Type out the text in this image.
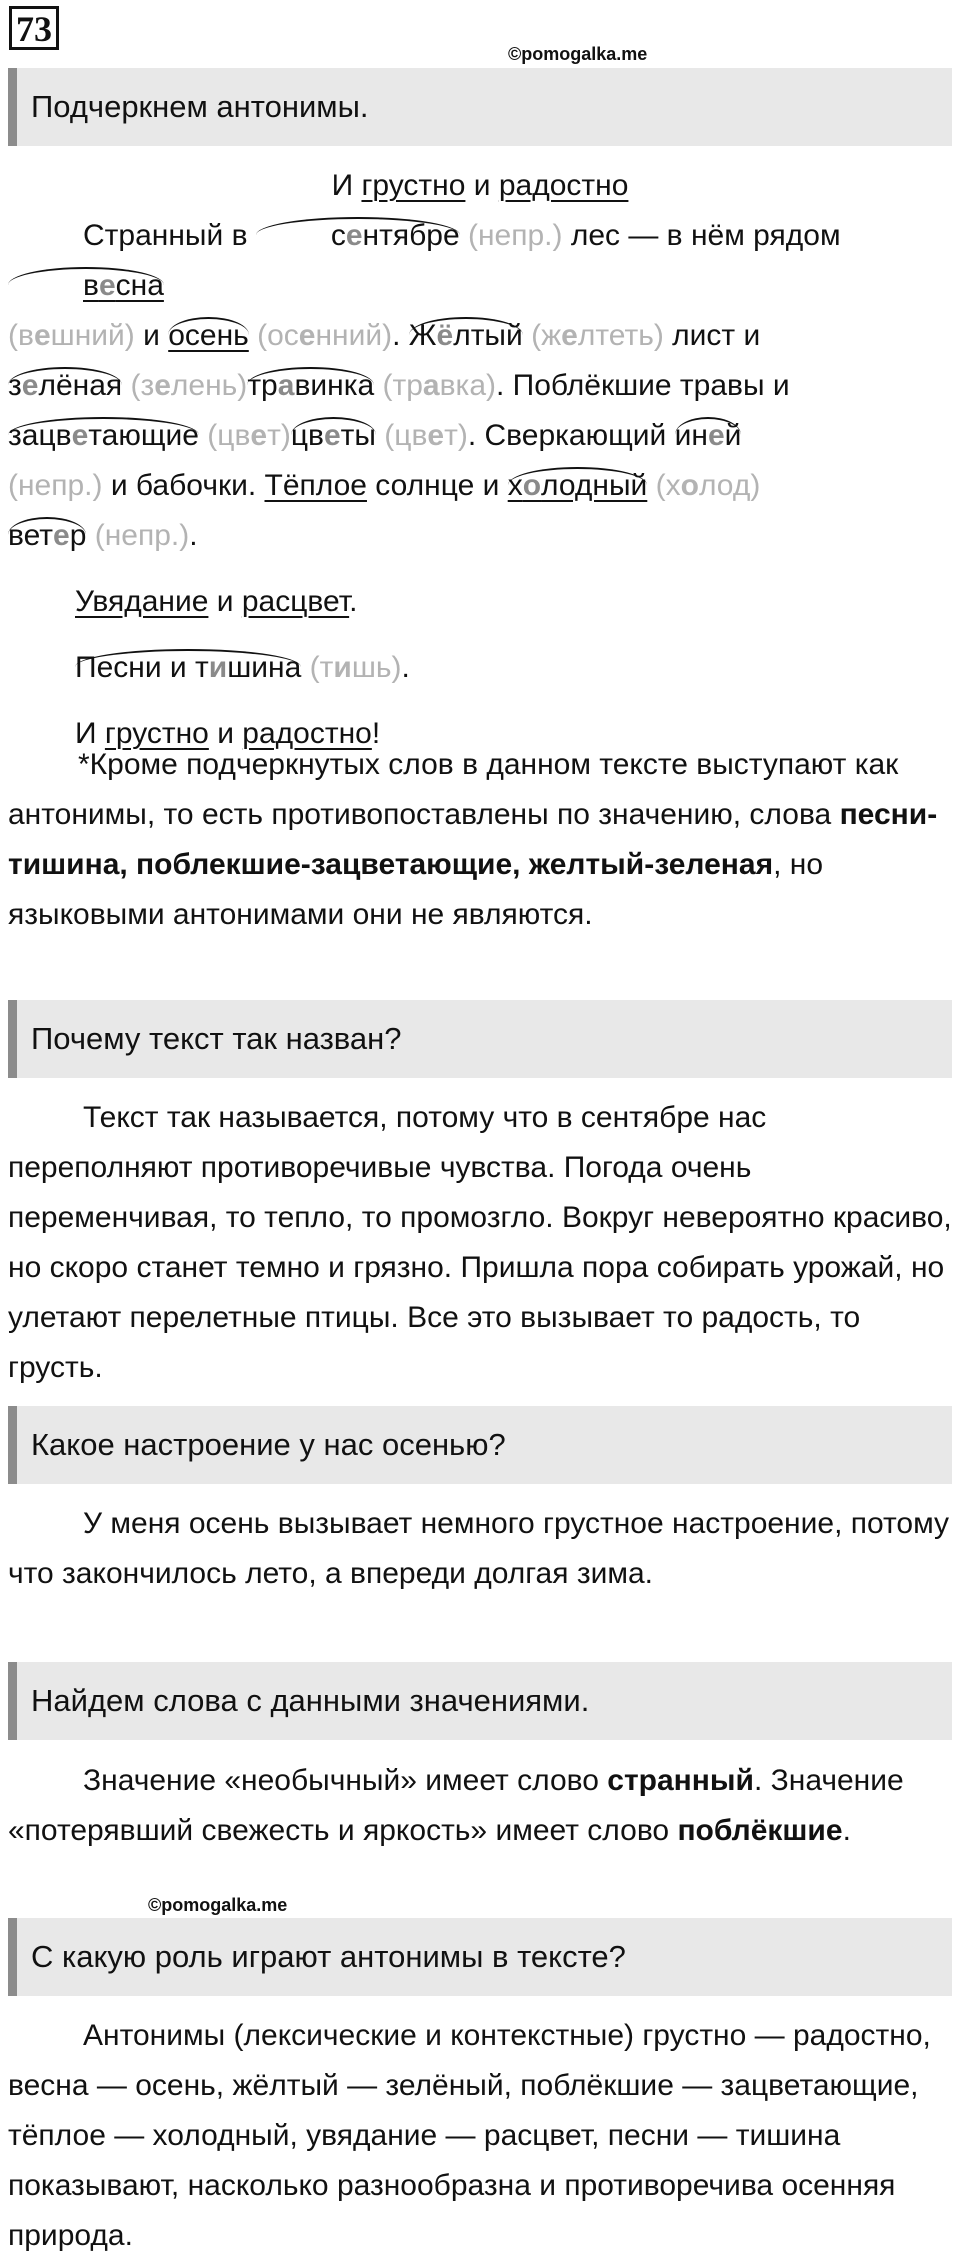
73
©pomogalka.me
Подчеркнем антонимы.

И грустно и радостно

Странный в	сентябре (непр.) лес — в нём рядом весна

(вешний) и осень (осенний). Жёлтый (желтеть) лист и

зелёная (зелень)травинка (травка). Поблёкшие травы и

зацветающие (цвет)цветы (цвет). Сверкающий иней

(непр.) и бабочки. Тёплое солнце и холодный (холод)

ветер (непр.).

Увядание и расцвет.

Песни и тишина (тишь).

И грустно и радостно!

*Кроме подчеркнутых слов в данном тексте выступают как антонимы, то есть противопоставлены по значению, слова песни-тишина, поблекшие-зацветающие, желтый-зеленая, но языковыми антонимами они не являются.

Почему текст так назван?

Текст так называется, потому что в сентябре нас переполняют противоречивые чувства. Погода очень переменчивая, то тепло, то промозгло. Вокруг невероятно красиво, но скоро станет темно и грязно. Пришла пора собирать урожай, но улетают перелетные птицы. Все это вызывает то радость, то грусть.

Какое настроение у нас осенью?

У меня осень вызывает немного грустное настроение, потому что закончилось лето, а впереди долгая зима.

Найдем слова с данными значениями.

Значение «необычный» имеет слово странный. Значение «потерявший свежесть и яркость» имеет слово поблёкшие.

©pomogalka.me
С какую роль играют антонимы в тексте?

Антонимы (лексические и контекстные) грустно — радостно, весна — осень, жёлтый — зелёный, поблёкшие — зацветающие, тёплое — холодный, увядание — расцвет, песни — тишина показывают, насколько разнообразна и противоречива осенняя природа.
